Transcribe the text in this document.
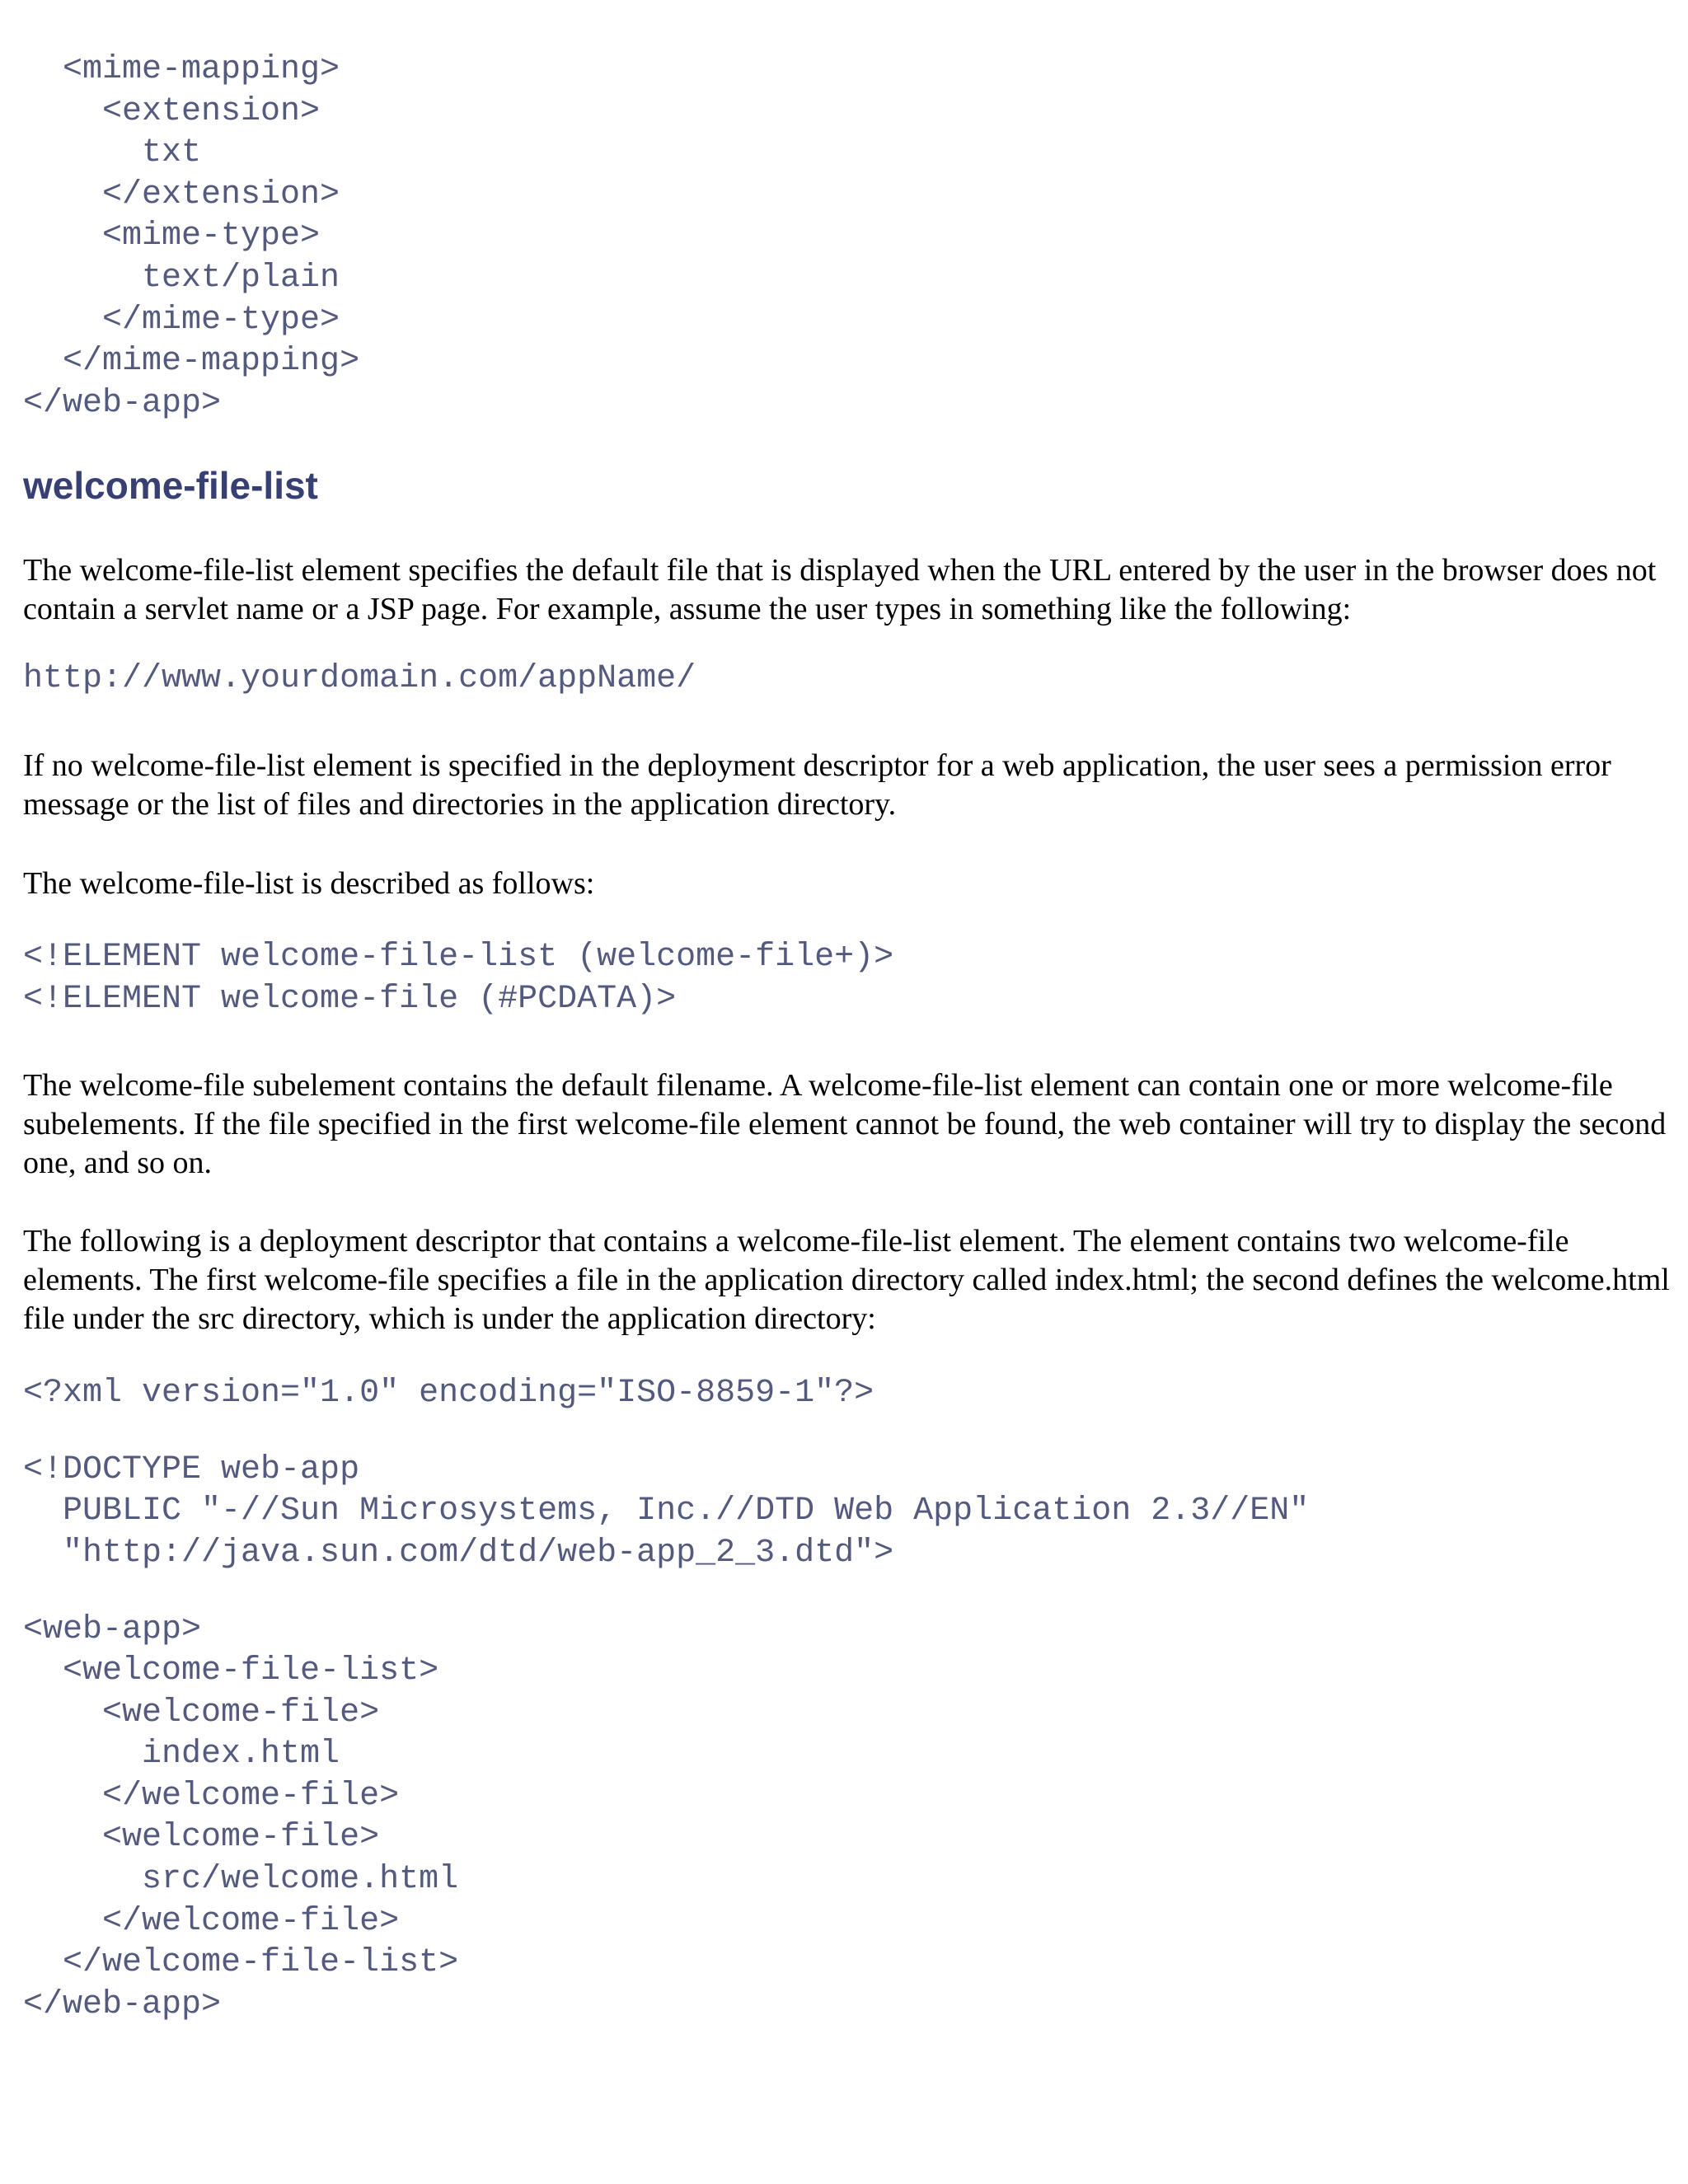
<mime-mapping>
<extension>
txt
</extension>
<mime-type>
text/plain
</mime-type>
</mime-mapping>
</web-app>
welcome-file-list

The welcome-file-list element specifies the default file that is displayed when the URL entered by the user in the browser does not contain a servlet name or a JSP page. For example, assume the user types in something like the following:

http://www.yourdomain.com/appName/

If no welcome-file-list element is specified in the deployment descriptor for a web application, the user sees a permission error message or the list of files and directories in the application directory.

The welcome-file-list is described as follows:

<!ELEMENT welcome-file-list (welcome-file+)>
<!ELEMENT welcome-file (#PCDATA)>

The welcome-file subelement contains the default filename. A welcome-file-list element can contain one or more welcome-file subelements. If the file specified in the first welcome-file element cannot be found, the web container will try to display the second one, and so on.

The following is a deployment descriptor that contains a welcome-file-list element. The element contains two welcome-file elements. The first welcome-file specifies a file in the application directory called index.html; the second defines the welcome.html file under the src directory, which is under the application directory:

<?xml version="1.0" encoding="ISO-8859-1"?>
<!DOCTYPE web-app
PUBLIC "-//Sun Microsystems, Inc.//DTD Web Application 2.3//EN"
"http://java.sun.com/dtd/web-app_2_3.dtd">
<web-app>
<welcome-file-list>
<welcome-file>
index.html
</welcome-file>
<welcome-file>
src/welcome.html
</welcome-file>
</welcome-file-list>
</web-app>
